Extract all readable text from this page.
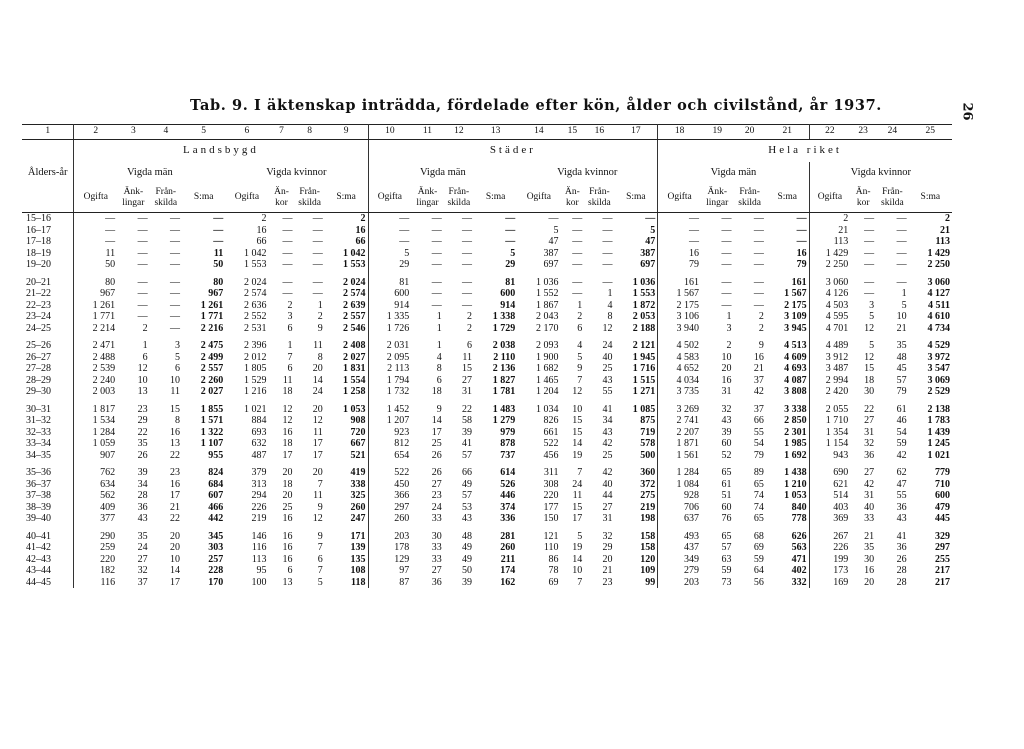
Tab. 9. I äktenskap inträdda, fördelade efter kön, ålder och civilstånd, år 1937.	26
1	2	3	4	5	6	7	8	9	10	11	12	13	14	15	16	17	18	19	20	21	22	23	24	25
	Landsbygd								Städer								Hela riket							
Ålders-år	Vigda män				Vigda kvinnor				Vigda män				Vigda kvinnor				Vigda män				Vigda kvinnor			
	Ogifta	Änk-lingar	Från-skilda	S:ma	Ogifta	Än-kor	Från-skilda	S:ma	Ogifta	Änk-lingar	Från-skilda	S:ma	Ogifta	Än-kor	Från-skilda	S:ma	Ogifta	Änk-lingar	Från-skilda	S:ma	Ogifta	Än-kor	Från-skilda	S:ma
15–16	—	—	—	—	2	—	—	2	—	—	—	—	—	—	—	—	—	—	—	—	2	—	—	2
16–17	—	—	—	—	16	—	—	16	—	—	—	—	5	—	—	5	—	—	—	—	21	—	—	21
17–18	—	—	—	—	66	—	—	66	—	—	—	—	47	—	—	47	—	—	—	—	113	—	—	113
18–19	11	—	—	11	1 042	—	—	1 042	5	—	—	5	387	—	—	387	16	—	—	16	1 429	—	—	1 429
19–20	50	—	—	50	1 553	—	—	1 553	29	—	—	29	697	—	—	697	79	—	—	79	2 250	—	—	2 250

20–21	80	—	—	80	2 024	—	—	2 024	81	—	—	81	1 036	—	—	1 036	161	—	—	161	3 060	—	—	3 060
21–22	967	—	—	967	2 574	—	—	2 574	600	—	—	600	1 552	—	1	1 553	1 567	—	—	1 567	4 126	—	1	4 127
22–23	1 261	—	—	1 261	2 636	2	1	2 639	914	—	—	914	1 867	1	4	1 872	2 175	—	—	2 175	4 503	3	5	4 511
23–24	1 771	—	—	1 771	2 552	3	2	2 557	1 335	1	2	1 338	2 043	2	8	2 053	3 106	1	2	3 109	4 595	5	10	4 610
24–25	2 214	2	—	2 216	2 531	6	9	2 546	1 726	1	2	1 729	2 170	6	12	2 188	3 940	3	2	3 945	4 701	12	21	4 734

25–26	2 471	1	3	2 475	2 396	1	11	2 408	2 031	1	6	2 038	2 093	4	24	2 121	4 502	2	9	4 513	4 489	5	35	4 529
26–27	2 488	6	5	2 499	2 012	7	8	2 027	2 095	4	11	2 110	1 900	5	40	1 945	4 583	10	16	4 609	3 912	12	48	3 972
27–28	2 539	12	6	2 557	1 805	6	20	1 831	2 113	8	15	2 136	1 682	9	25	1 716	4 652	20	21	4 693	3 487	15	45	3 547
28–29	2 240	10	10	2 260	1 529	11	14	1 554	1 794	6	27	1 827	1 465	7	43	1 515	4 034	16	37	4 087	2 994	18	57	3 069
29–30	2 003	13	11	2 027	1 216	18	24	1 258	1 732	18	31	1 781	1 204	12	55	1 271	3 735	31	42	3 808	2 420	30	79	2 529

30–31	1 817	23	15	1 855	1 021	12	20	1 053	1 452	9	22	1 483	1 034	10	41	1 085	3 269	32	37	3 338	2 055	22	61	2 138
31–32	1 534	29	8	1 571	884	12	12	908	1 207	14	58	1 279	826	15	34	875	2 741	43	66	2 850	1 710	27	46	1 783
32–33	1 284	22	16	1 322	693	16	11	720	923	17	39	979	661	15	43	719	2 207	39	55	2 301	1 354	31	54	1 439
33–34	1 059	35	13	1 107	632	18	17	667	812	25	41	878	522	14	42	578	1 871	60	54	1 985	1 154	32	59	1 245
34–35	907	26	22	955	487	17	17	521	654	26	57	737	456	19	25	500	1 561	52	79	1 692	943	36	42	1 021

35–36	762	39	23	824	379	20	20	419	522	26	66	614	311	7	42	360	1 284	65	89	1 438	690	27	62	779
36–37	634	34	16	684	313	18	7	338	450	27	49	526	308	24	40	372	1 084	61	65	1 210	621	42	47	710
37–38	562	28	17	607	294	20	11	325	366	23	57	446	220	11	44	275	928	51	74	1 053	514	31	55	600
38–39	409	36	21	466	226	25	9	260	297	24	53	374	177	15	27	219	706	60	74	840	403	40	36	479
39–40	377	43	22	442	219	16	12	247	260	33	43	336	150	17	31	198	637	76	65	778	369	33	43	445

40–41	290	35	20	345	146	16	9	171	203	30	48	281	121	5	32	158	493	65	68	626	267	21	41	329
41–42	259	24	20	303	116	16	7	139	178	33	49	260	110	19	29	158	437	57	69	563	226	35	36	297
42–43	220	27	10	257	113	16	6	135	129	33	49	211	86	14	20	120	349	63	59	471	199	30	26	255
43–44	182	32	14	228	95	6	7	108	97	27	50	174	78	10	21	109	279	59	64	402	173	16	28	217
44–45	116	37	17	170	100	13	5	118	87	36	39	162	69	7	23	99	203	73	56	332	169	20	28	217
